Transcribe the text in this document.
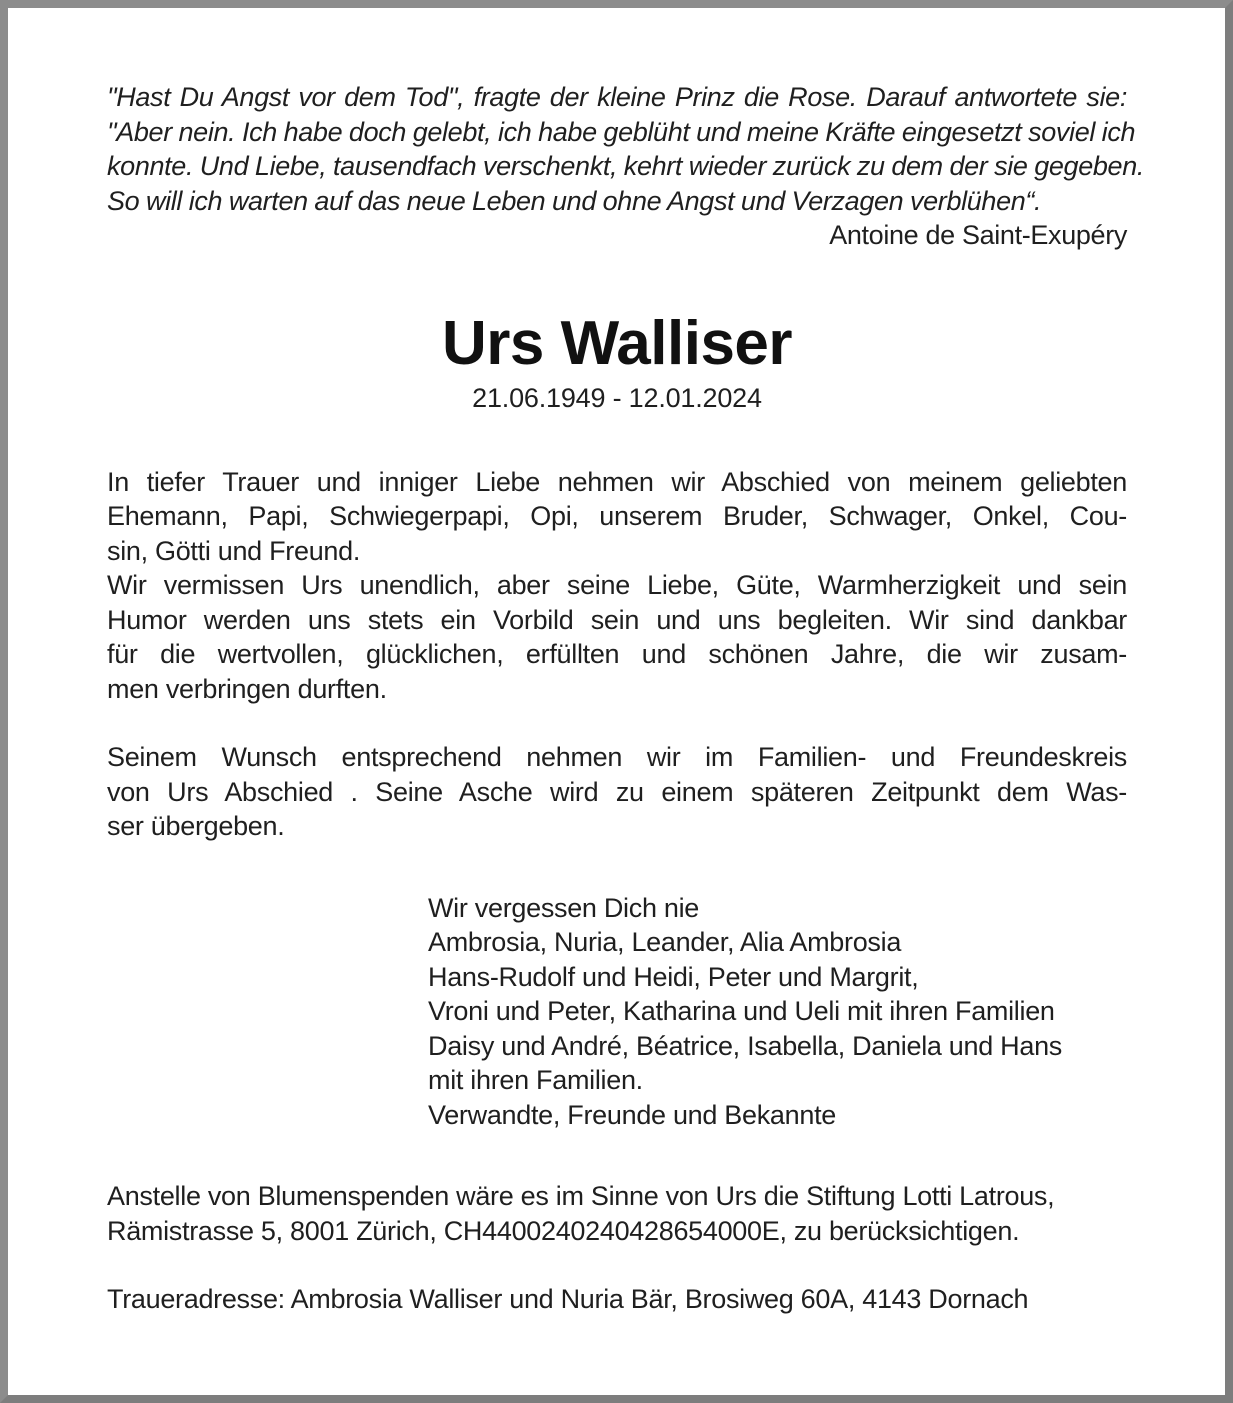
"Hast Du Angst vor dem Tod", fragte der kleine Prinz die Rose. Darauf antwortete sie:
"Aber nein. Ich habe doch gelebt, ich habe geblüht und meine Kräfte eingesetzt soviel ich
konnte. Und Liebe, tausendfach verschenkt, kehrt wieder zurück zu dem der sie gegeben.
So will ich warten auf das neue Leben und ohne Angst und Verzagen verblühen“.
Antoine de Saint-Exupéry
Urs Walliser
21.06.1949 - 12.01.2024
In tiefer Trauer und inniger Liebe nehmen wir Abschied von meinem geliebten
Ehemann, Papi, Schwiegerpapi, Opi, unserem Bruder, Schwager, Onkel, Cou-
sin, Götti und Freund.
Wir vermissen Urs unendlich, aber seine Liebe, Güte, Warmherzigkeit und sein
Humor werden uns stets ein Vorbild sein und uns begleiten. Wir sind dankbar
für die wertvollen, glücklichen, erfüllten und schönen Jahre, die wir zusam-
men verbringen durften.
Seinem Wunsch entsprechend nehmen wir im Familien- und Freundeskreis
von Urs Abschied . Seine Asche wird zu einem späteren Zeitpunkt dem Was-
ser übergeben.
Wir vergessen Dich nie
Ambrosia, Nuria, Leander, Alia Ambrosia
Hans-Rudolf und Heidi, Peter und Margrit,
Vroni und Peter, Katharina und Ueli mit ihren Familien
Daisy und André, Béatrice, Isabella, Daniela und Hans
mit ihren Familien.
Verwandte, Freunde und Bekannte
Anstelle von Blumenspenden wäre es im Sinne von Urs die Stiftung Lotti Latrous,
Rämistrasse 5, 8001 Zürich, CH4400240240428654000E, zu berücksichtigen.
Traueradresse: Ambrosia Walliser und Nuria Bär, Brosiweg 60A, 4143 Dornach
